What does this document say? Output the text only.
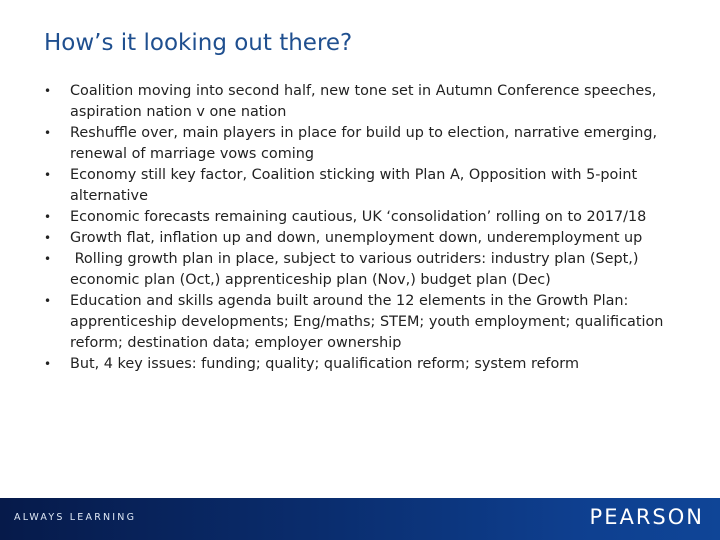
How’s it looking out there?
• Coalition moving into second half, new tone set in Autumn Conference speeches, aspiration nation v one nation
• Reshuffle over, main players in place for build up to election, narrative emerging, renewal of marriage vows coming
• Economy still key factor, Coalition sticking with Plan A, Opposition with 5-point alternative
• Economic forecasts remaining cautious, UK ‘consolidation’ rolling on to 2017/18
• Growth flat, inflation up and down, unemployment down, underemployment up
• Rolling growth plan in place, subject to various outriders: industry plan (Sept,) economic plan (Oct,) apprenticeship plan (Nov,) budget plan (Dec)
• Education and skills agenda built around the 12 elements in the Growth Plan: apprenticeship developments; Eng/maths; STEM; youth employment; qualification reform; destination data; employer ownership
• But, 4 key issues: funding; quality; qualification reform; system reform
ALWAYS LEARNING	PEARSON
